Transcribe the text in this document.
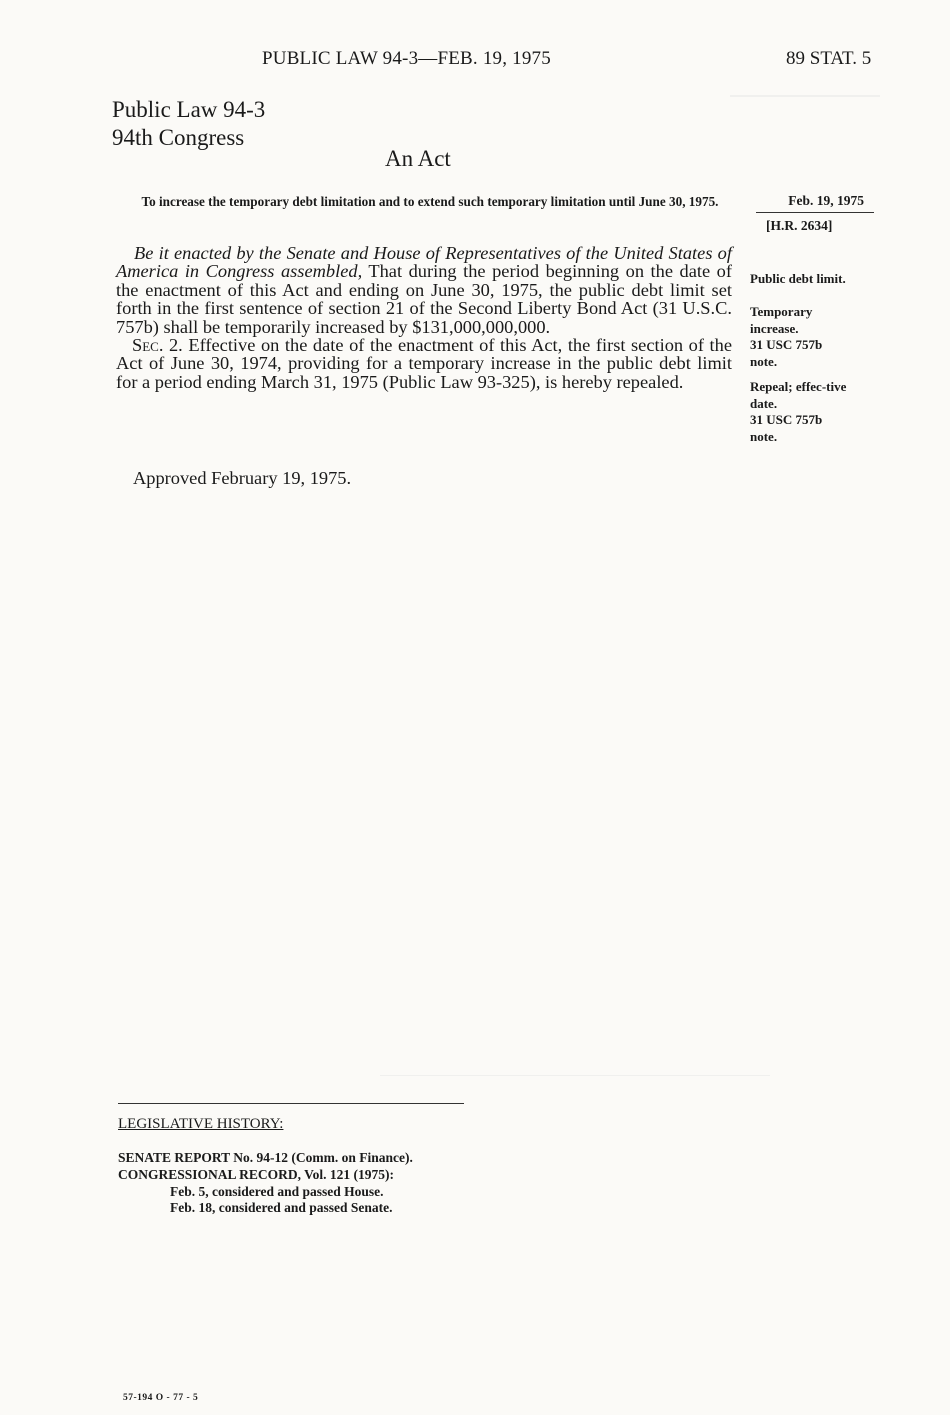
PUBLIC LAW 94-3—FEB. 19, 1975	89 STAT. 5
Public Law 94-3
94th Congress
An Act
To increase the temporary debt limitation and to extend such temporary limitation until June 30, 1975.	Feb. 19, 1975
[H.R. 2634]

Be it enacted by the Senate and House of Representatives of the United States of America in Congress assembled, That during the period beginning on the date of the enactment of this Act and ending on June 30, 1975, the public debt limit set forth in the first sentence of section 21 of the Second Liberty Bond Act (31 U.S.C. 757b) shall be temporarily increased by $131,000,000,000.

Sec. 2. Effective on the date of the enactment of this Act, the first section of the Act of June 30, 1974, providing for a temporary increase in the public debt limit for a period ending March 31, 1975 (Public Law 93-325), is hereby repealed.

Public debt limit.
Temporary increase.
31 USC 757b note.
Repeal; effec-tive date.
31 USC 757b note.
Approved February 19, 1975.
LEGISLATIVE HISTORY:
SENATE REPORT No. 94-12 (Comm. on Finance).
CONGRESSIONAL RECORD, Vol. 121 (1975):
Feb. 5, considered and passed House.
Feb. 18, considered and passed Senate.
57-194 O - 77 - 5
